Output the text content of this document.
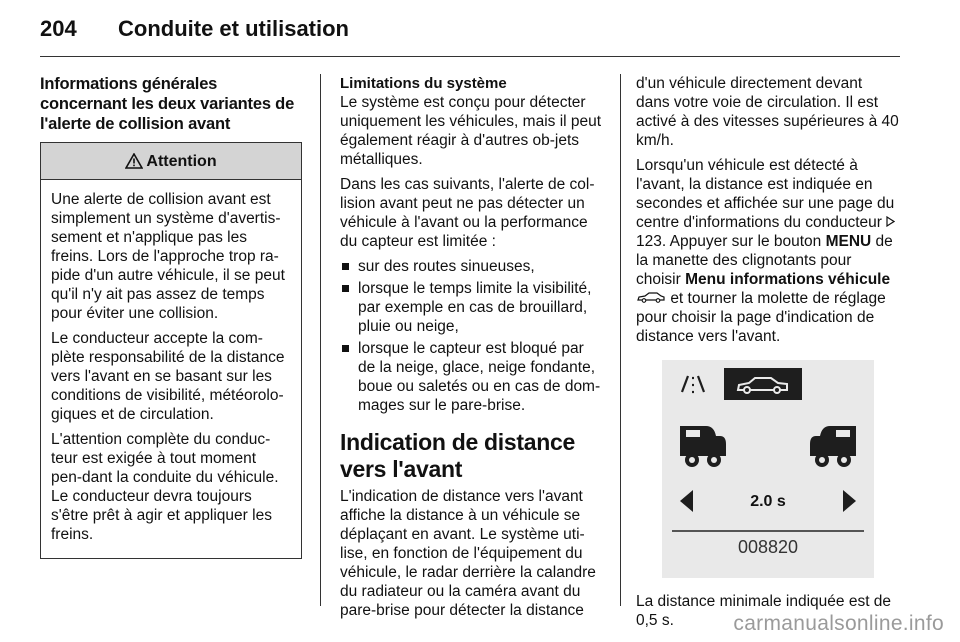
204	Conduite et utilisation
Informations générales concernant les deux variantes de l'alerte de collision avant
Attention

Une alerte de collision avant est simplement un système d'avertis-sement et n'applique pas les freins. Lors de l'approche trop ra-pide d'un autre véhicule, il se peut qu'il n'y ait pas assez de temps pour éviter une collision.

Le conducteur accepte la com-plète responsabilité de la distance vers l'avant en se basant sur les conditions de visibilité, météorolo-giques et de circulation.

L'attention complète du conduc-teur est exigée à tout moment pen-dant la conduite du véhicule. Le conducteur devra toujours s'être prêt à agir et appliquer les freins.

Limitations du système

Le système est conçu pour détecter uniquement les véhicules, mais il peut également réagir à d'autres ob-jets métalliques.

Dans les cas suivants, l'alerte de col-lision avant peut ne pas détecter un véhicule à l'avant ou la performance du capteur est limitée :

sur des routes sinueuses,
lorsque le temps limite la visibilité, par exemple en cas de brouillard, pluie ou neige,
lorsque le capteur est bloqué par de la neige, glace, neige fondante, boue ou saletés ou en cas de dom-mages sur le pare-brise.
Indication de distance vers l'avant

L'indication de distance vers l'avant affiche la distance à un véhicule se déplaçant en avant. Le système uti-lise, en fonction de l'équipement du véhicule, le radar derrière la calandre du radiateur ou la caméra avant du pare-brise pour détecter la distance

d'un véhicule directement devant dans votre voie de circulation. Il est activé à des vitesses supérieures à 40 km/h.

Lorsqu'un véhicule est détecté à l'avant, la distance est indiquée en secondes et affichée sur une page du centre d'informations du conducteur  123. Appuyer sur le bouton MENU de la manette des clignotants pour choisir Menu informations véhicule  et tourner la molette de réglage pour choisir la page d'indication de distance vers l'avant.

2.0 s
008820

La distance minimale indiquée est de 0,5 s.	carmanualsonline.info
